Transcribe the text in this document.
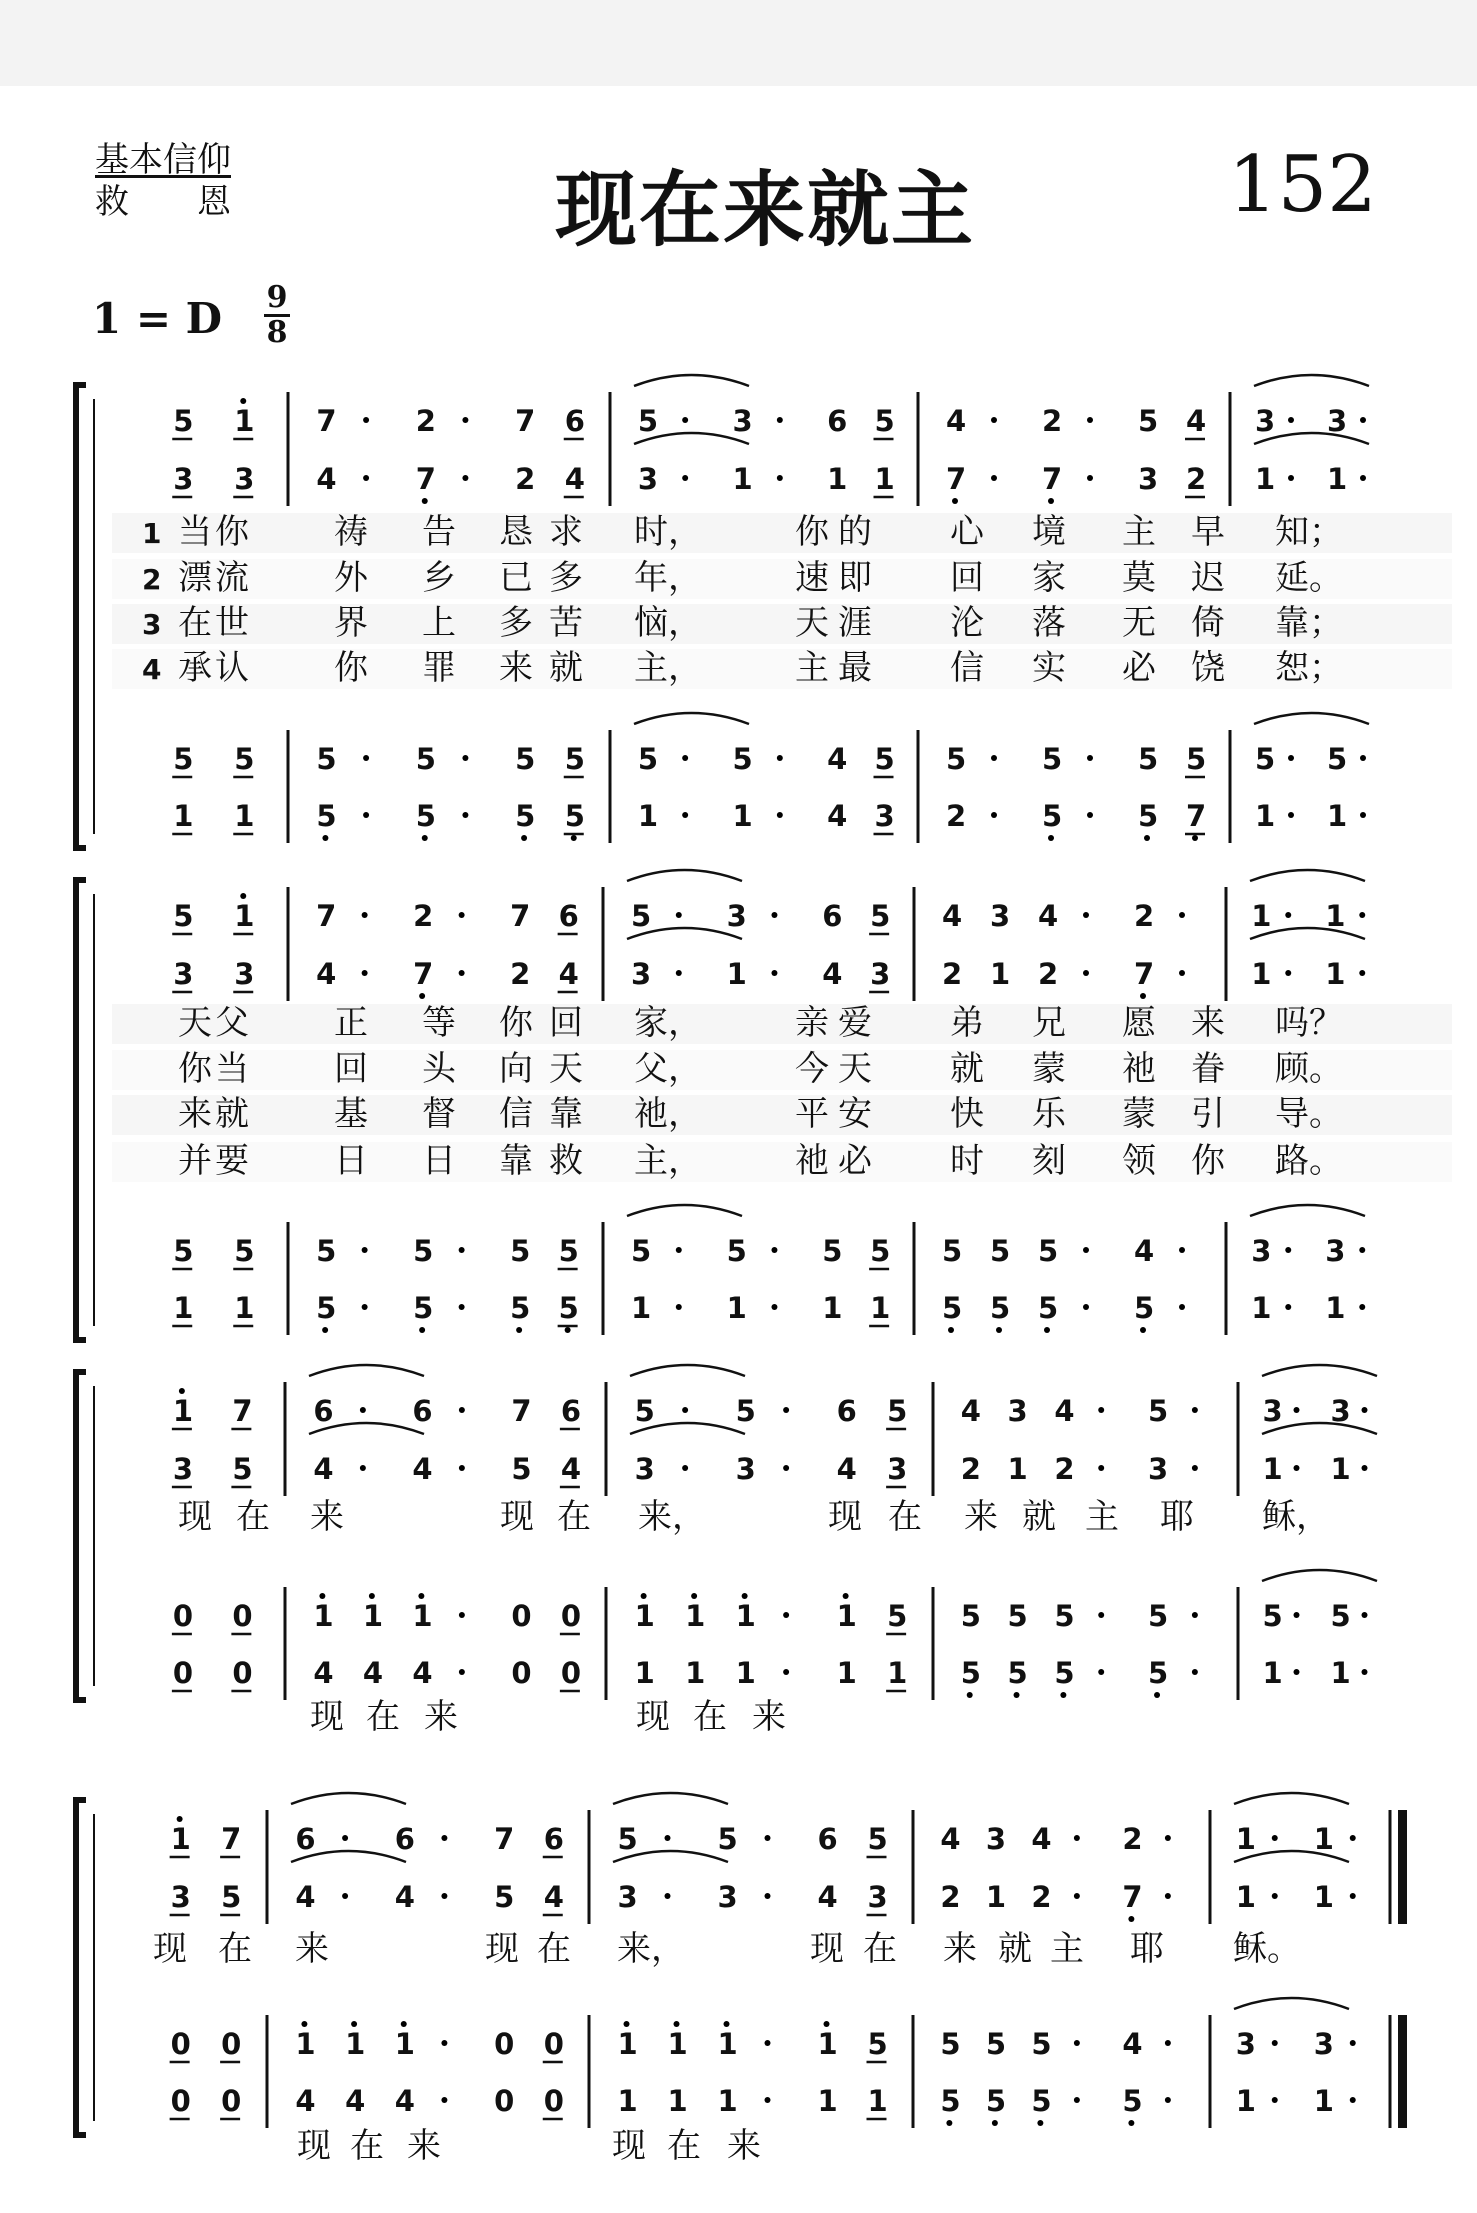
基本信仰
救　　恩	现在来就主	152
1 = D 9
8
5 1 7	2	7 6 5	3	6 5 4	2	5 4 3 3
3 3 4	7	2 4 3	1	1 1 7	7	3 2 1 1
5 5 5	5	5 5 5	5	4 5 5	5	5 5 5 5
1 1 5	5	5 5 1	1	4 3 2	5	5 7 1 1
1 当 你	祷 告 恳 求 时，	你 的 心 境 主 早 知；
2 漂 流	外 乡 已 多 年，	速 即 回 家 莫 迟 延。
3 在 世	界 上 多 苦 恼，	天 涯 沦 落 无 倚 靠；
4 承 认	你 罪 来 就 主，	主 最 信 实 必 饶 恕；
5 1 7	2	7 6 5	3	6 5 4 3 4	2	1 1
3 3 4	7	2 4 3	1	4 3 2 1 2	7	1 1
5 5 5	5	5 5 5	5	5 5 5 5 5	4	3 3
1 1 5	5	5 5 1	1	1 1 5 5 5	5	1 1
天 父	正 等 你 回 家，	亲 爱 弟 兄 愿 来 吗？
你 当	回 头 向 天 父，	今 天 就 蒙 祂 眷 顾。
来 就	基 督 信 靠 祂，	平 安 快 乐 蒙 引 导。
并 要	日 日 靠 救 主，	祂 必 时 刻 领 你 路。
1 7 6	6	7 6 5	5	6 5 4 3 4	5	3 3
3 5 4	4	5 4 3	3	4 3 2 1 2	3	1 1
0 0 1 1 1	0 0 1 1 1	1 5 5 5 5	5	5 5
0 0 4 4 4	0 0 1 1 1	1 1 5 5 5	5	1 1
现 在 来	现 在 来，	现 在 来 就 主 耶 稣，
现 在 来	现 在 来
1 7 6	6	7 6 5	5	6 5 4 3 4 2	1 1
3 5 4	4	5 4 3	3	4 3 2 1 2 7	1 1
0 0 1 1 1	0 0 1 1 1	1 5 5 5 5 4	3 3
0 0 4 4 4	0 0 1 1 1	1 1 5 5 5 5	1 1
现 在 来	现 在 来，	现 在 来 就 主 耶 稣。
现 在 来	现 在 来
